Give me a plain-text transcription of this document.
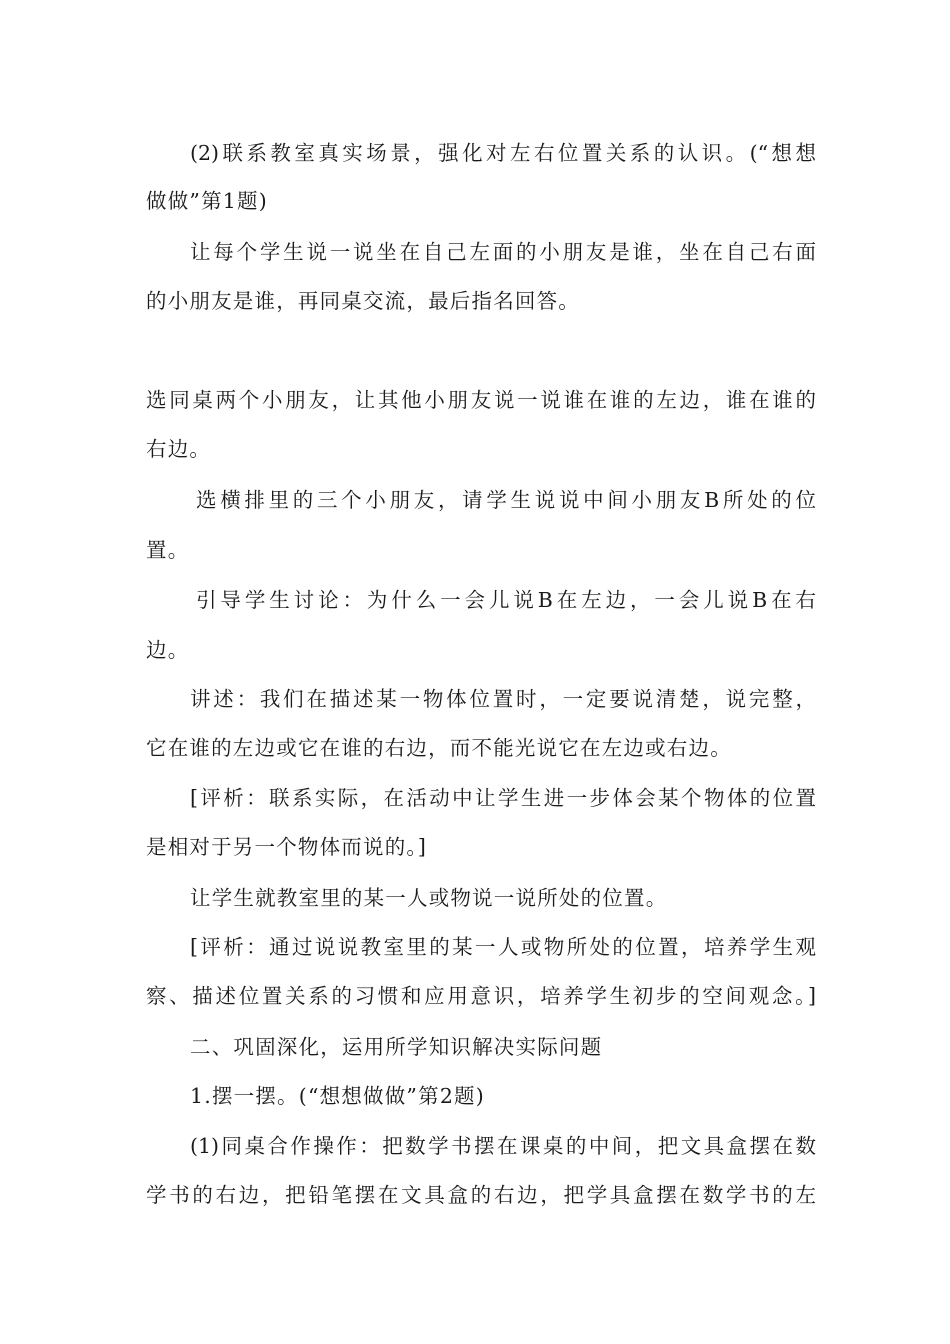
(2)联系教室真实场景，强化对左右位置关系的认识。(“想想
做做”第1题)
让每个学生说一说坐在自己左面的小朋友是谁，坐在自己右面
的小朋友是谁，再同桌交流，最后指名回答。
选同桌两个小朋友，让其他小朋友说一说谁在谁的左边，谁在谁的
右边。
选横排里的三个小朋友，请学生说说中间小朋友B所处的位
置。
引导学生讨论：为什么一会儿说B在左边，一会儿说B在右
边。
讲述：我们在描述某一物体位置时，一定要说清楚，说完整，
它在谁的左边或它在谁的右边，而不能光说它在左边或右边。
[评析：联系实际，在活动中让学生进一步体会某个物体的位置
是相对于另一个物体而说的。]
让学生就教室里的某一人或物说一说所处的位置。
[评析：通过说说教室里的某一人或物所处的位置，培养学生观
察、描述位置关系的习惯和应用意识，培养学生初步的空间观念。]
二、巩固深化，运用所学知识解决实际问题
1.摆一摆。(“想想做做”第2题)
(1)同桌合作操作：把数学书摆在课桌的中间，把文具盒摆在数
学书的右边，把铅笔摆在文具盒的右边，把学具盒摆在数学书的左
